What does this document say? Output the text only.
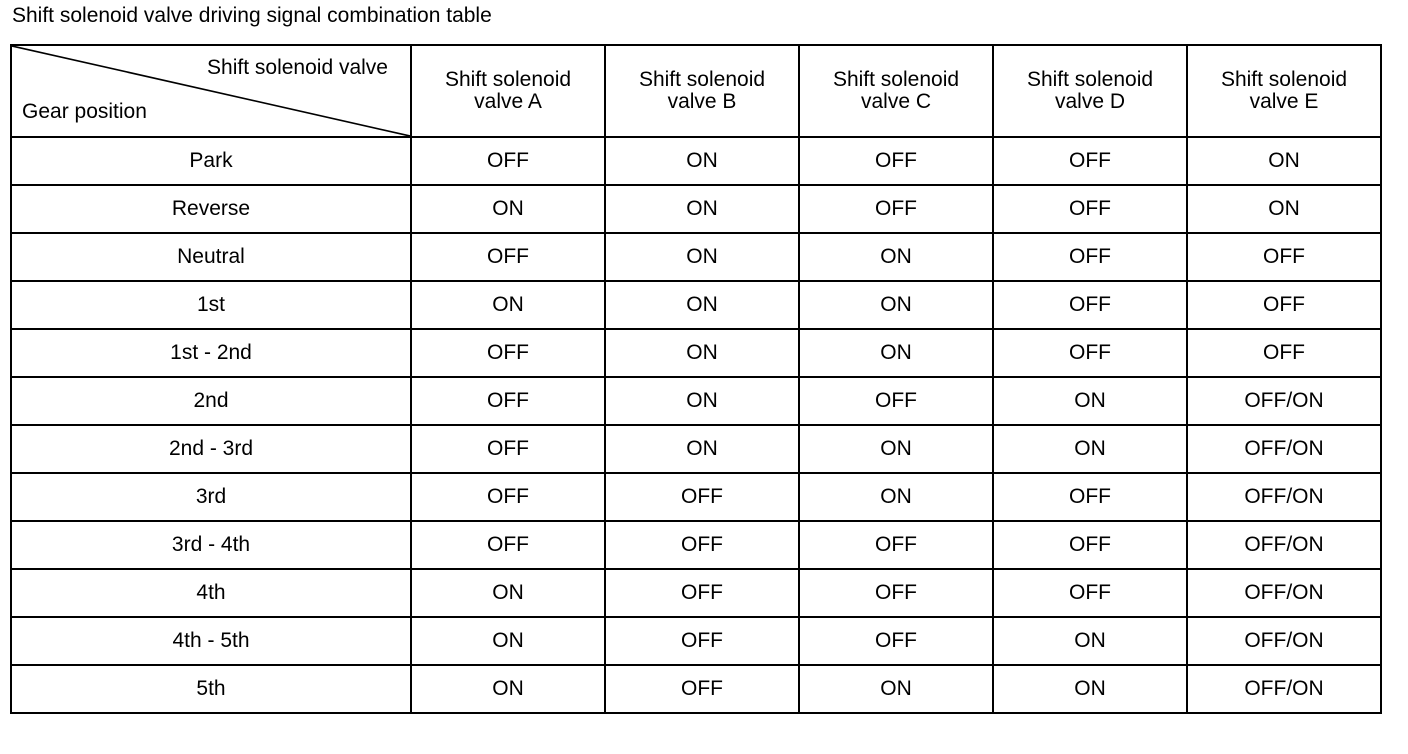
Shift solenoid valve driving signal combination table
Shift solenoid valve
Gear position	Shift solenoid valve A	Shift solenoid valve B	Shift solenoid valve C	Shift solenoid valve D	Shift solenoid valve E
Park	OFF	ON	OFF	OFF	ON
Reverse	ON	ON	OFF	OFF	ON
Neutral	OFF	ON	ON	OFF	OFF
1st	ON	ON	ON	OFF	OFF
1st - 2nd	OFF	ON	ON	OFF	OFF
2nd	OFF	ON	OFF	ON	OFF/ON
2nd - 3rd	OFF	ON	ON	ON	OFF/ON
3rd	OFF	OFF	ON	OFF	OFF/ON
3rd - 4th	OFF	OFF	OFF	OFF	OFF/ON
4th	ON	OFF	OFF	OFF	OFF/ON
4th - 5th	ON	OFF	OFF	ON	OFF/ON
5th	ON	OFF	ON	ON	OFF/ON
